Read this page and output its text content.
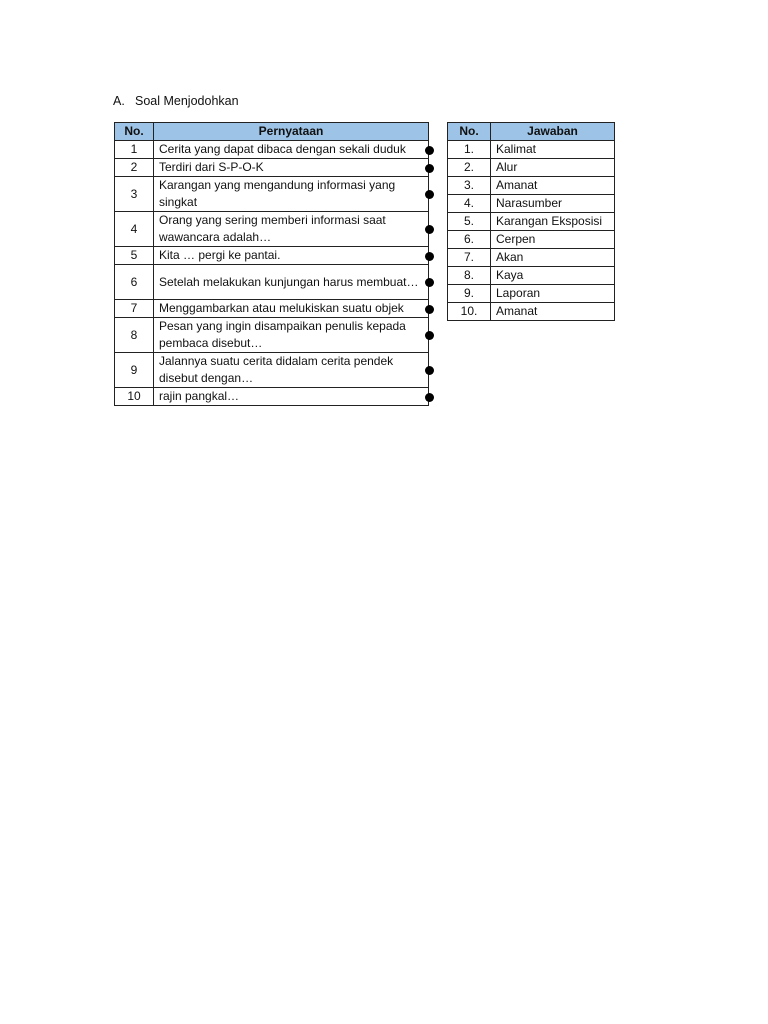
A. Soal Menjodohkan
No.	Pernyataan
1	Cerita yang dapat dibaca dengan sekali duduk

2	Terdiri dari S-P-O-K

3	Karangan yang mengandung informasi yang singkat

4	Orang yang sering memberi informasi saat wawancara adalah…

5	Kita … pergi ke pantai.

6	Setelah melakukan kunjungan harus membuat…

7	Menggambarkan atau melukiskan suatu objek

8	Pesan yang ingin disampaikan penulis kepada pembaca disebut…

9	Jalannya suatu cerita didalam cerita pendek disebut dengan…

10	rajin pangkal…
No.	Jawaban
1.	Kalimat
2.	Alur
3.	Amanat
4.	Narasumber
5.	Karangan Eksposisi
6.	Cerpen
7.	Akan
8.	Kaya
9.	Laporan
10.	Amanat
